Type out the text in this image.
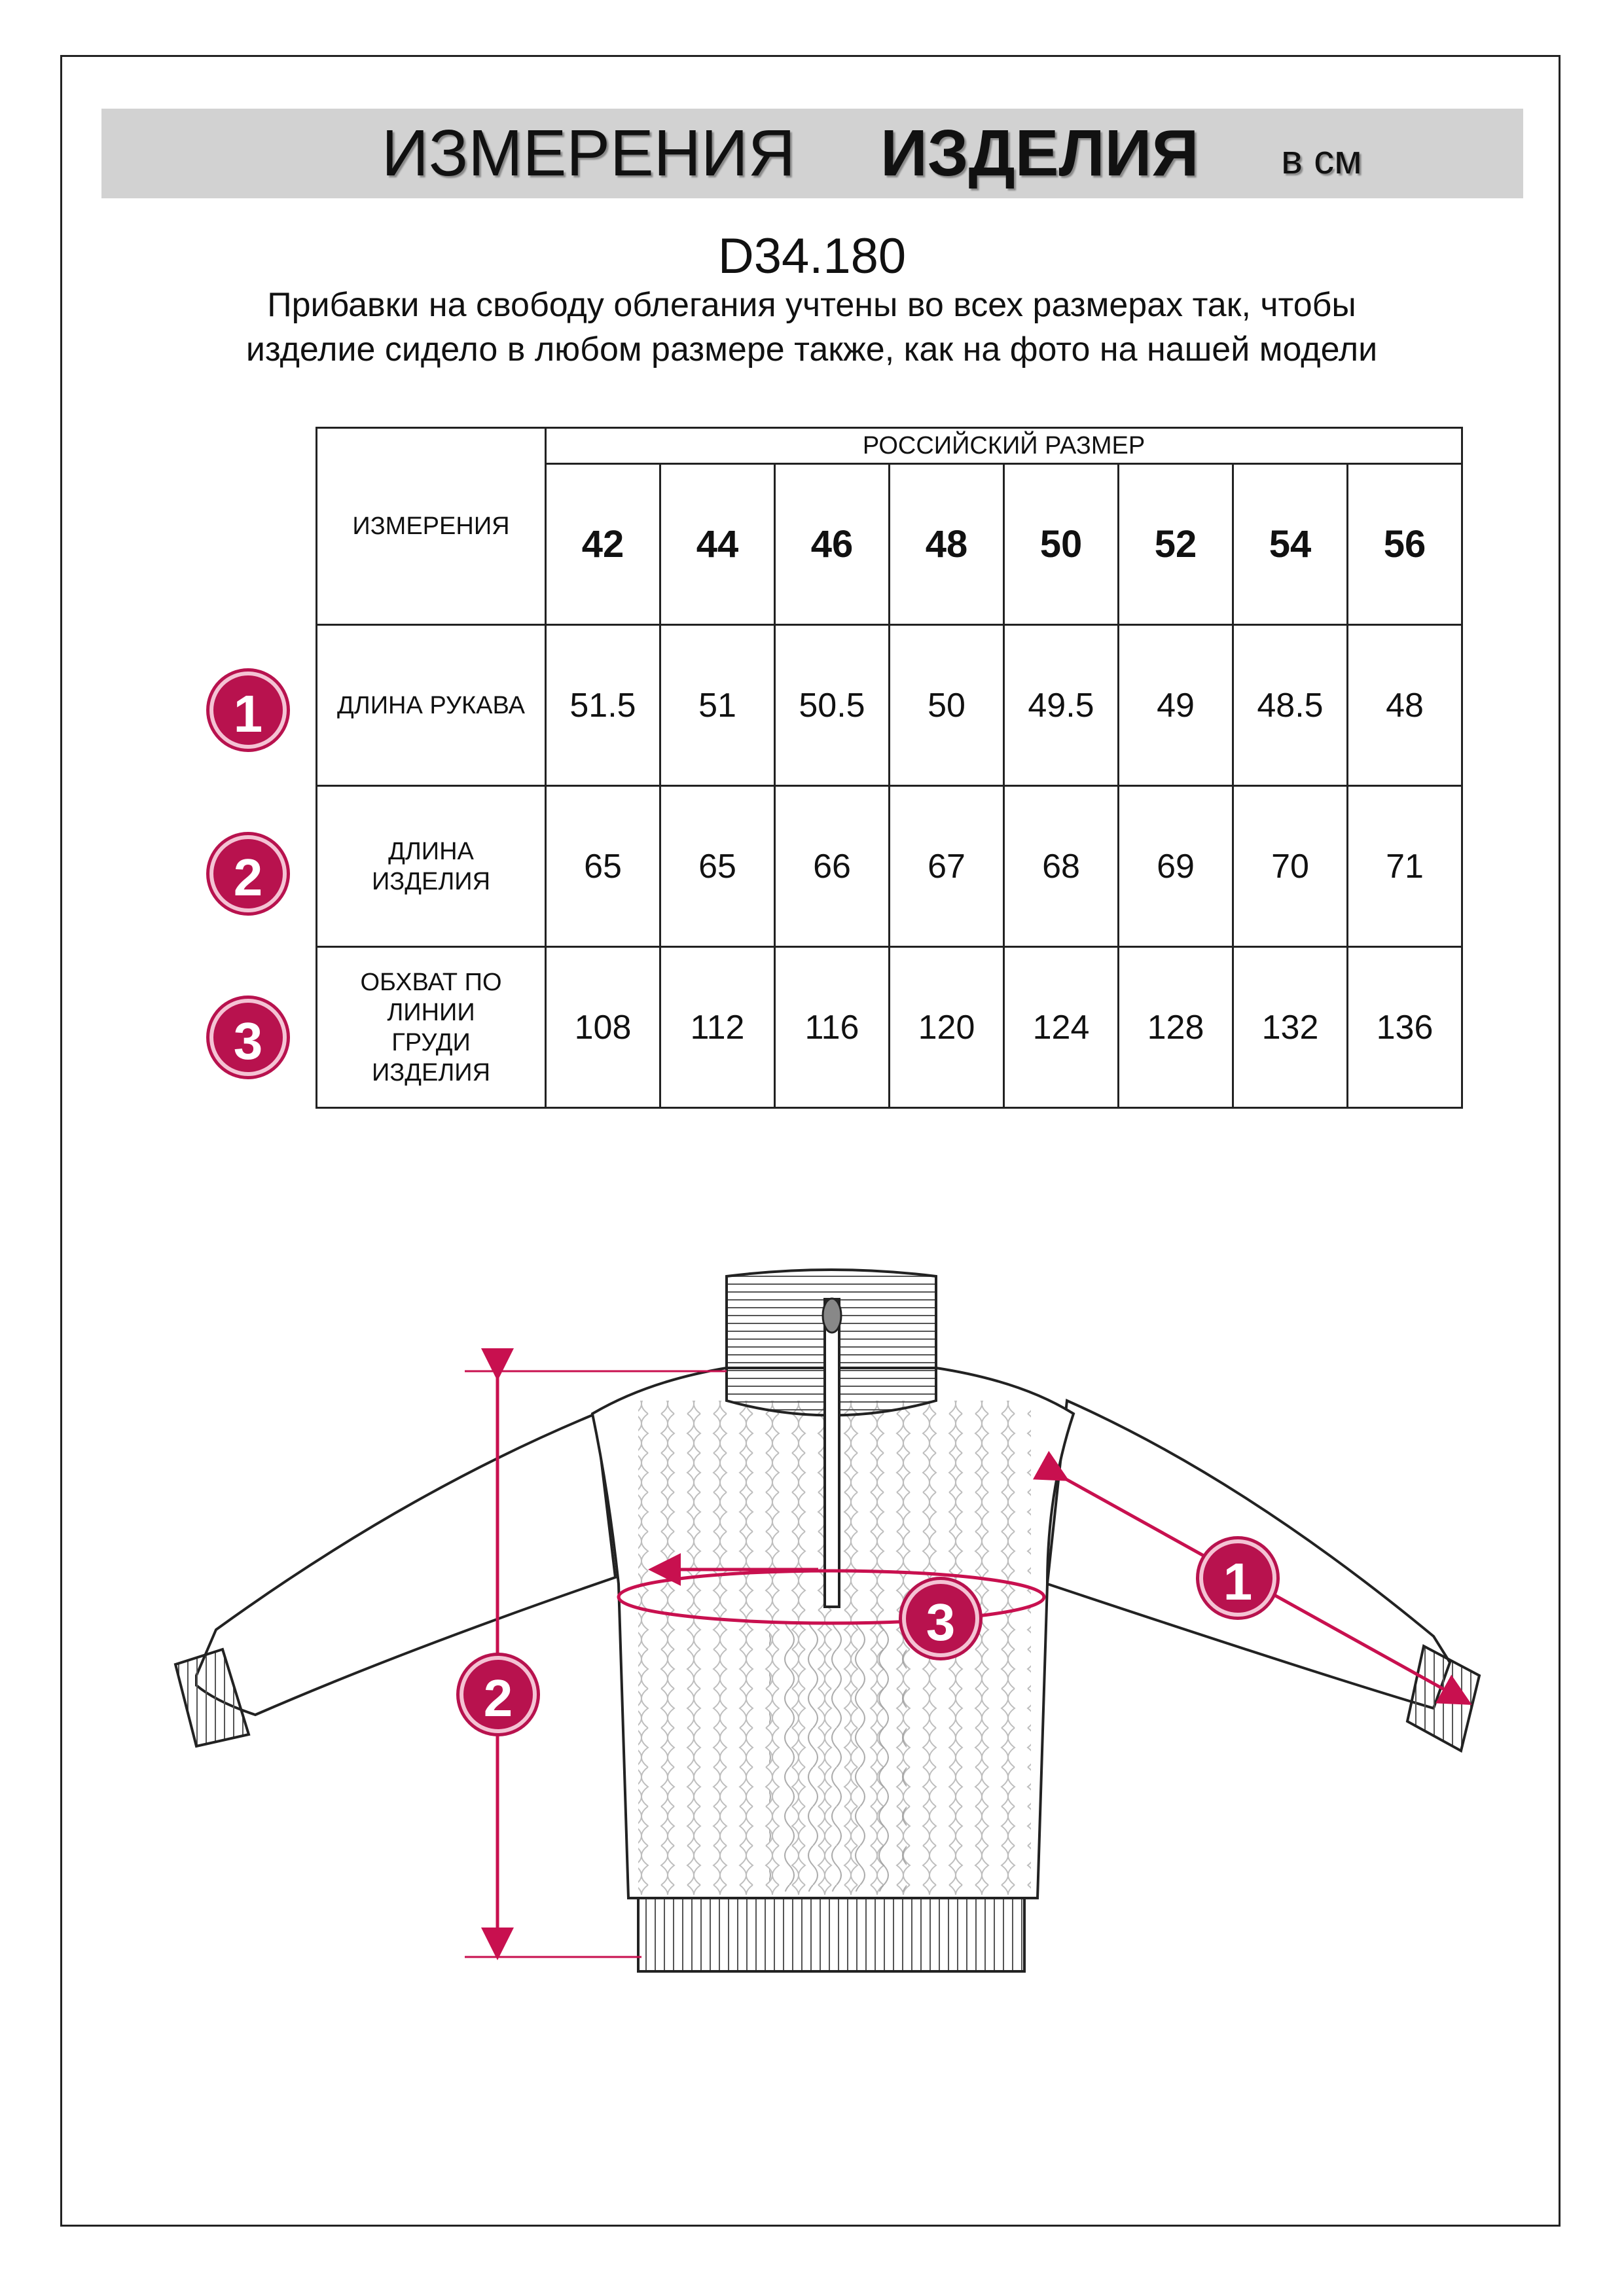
ИЗМЕРЕНИЯ ИЗДЕЛИЯ в см
D34.180
Прибавки на свободу облегания учтены во всех размерах так, чтобы изделие сидело в любом размере также, как на фото на нашей модели
ИЗМЕРЕНИЯ	РОССИЙСКИЙ РАЗМЕР							
	42	44	46	48	50	52	54	56
ДЛИНА РУКАВА	51.5	51	50.5	50	49.5	49	48.5	48
ДЛИНА ИЗДЕЛИЯ	65	65	66	67	68	69	70	71
ОБХВАТ ПО ЛИНИИ ГРУДИ ИЗДЕЛИЯ	108	112	116	120	124	128	132	136
1
2
3
1
2
3
